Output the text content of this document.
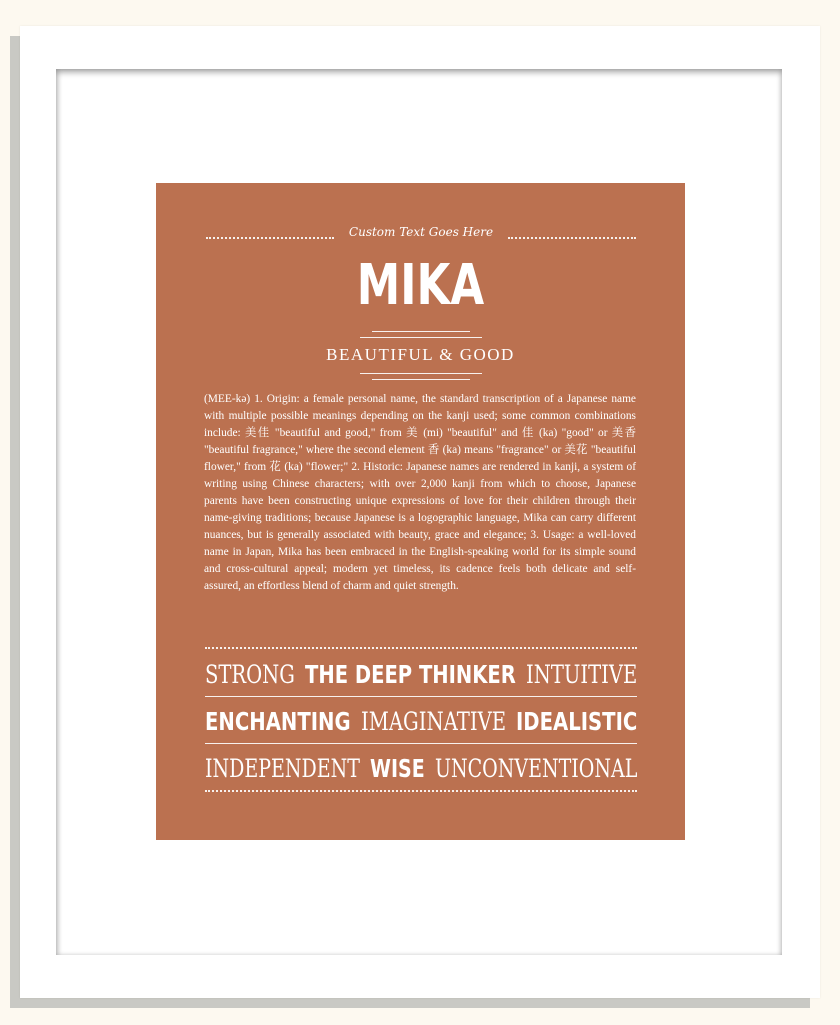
Custom Text Goes Here
MIKA
BEAUTIFUL & GOOD
(MEE-kə) 1. Origin: a female personal name, the standard transcription of a Japanese name with multiple possible meanings depending on the kanji used; some common combinations include: 美佳 "beautiful and good," from 美 (mi) "beautiful" and 佳 (ka) "good" or 美香 "beautiful fragrance," where the second element 香 (ka) means "fragrance" or 美花 "beautiful flower," from 花 (ka) "flower;" 2. Historic: Japanese names are rendered in kanji, a system of writing using Chinese characters; with over 2,000 kanji from which to choose, Japanese parents have been constructing unique expressions of love for their children through their name-giving traditions; because Japanese is a logographic language, Mika can carry different nuances, but is generally associated with beauty, grace and elegance; 3. Usage: a well-loved name in Japan, Mika has been embraced in the English-speaking world for its simple sound and cross-cultural appeal; modern yet timeless, its cadence feels both delicate and self-assured, an effortless blend of charm and quiet strength.
STRONG THE DEEP THINKER INTUITIVE
ENCHANTING IMAGINATIVE IDEALISTIC
INDEPENDENT WISE UNCONVENTIONAL
